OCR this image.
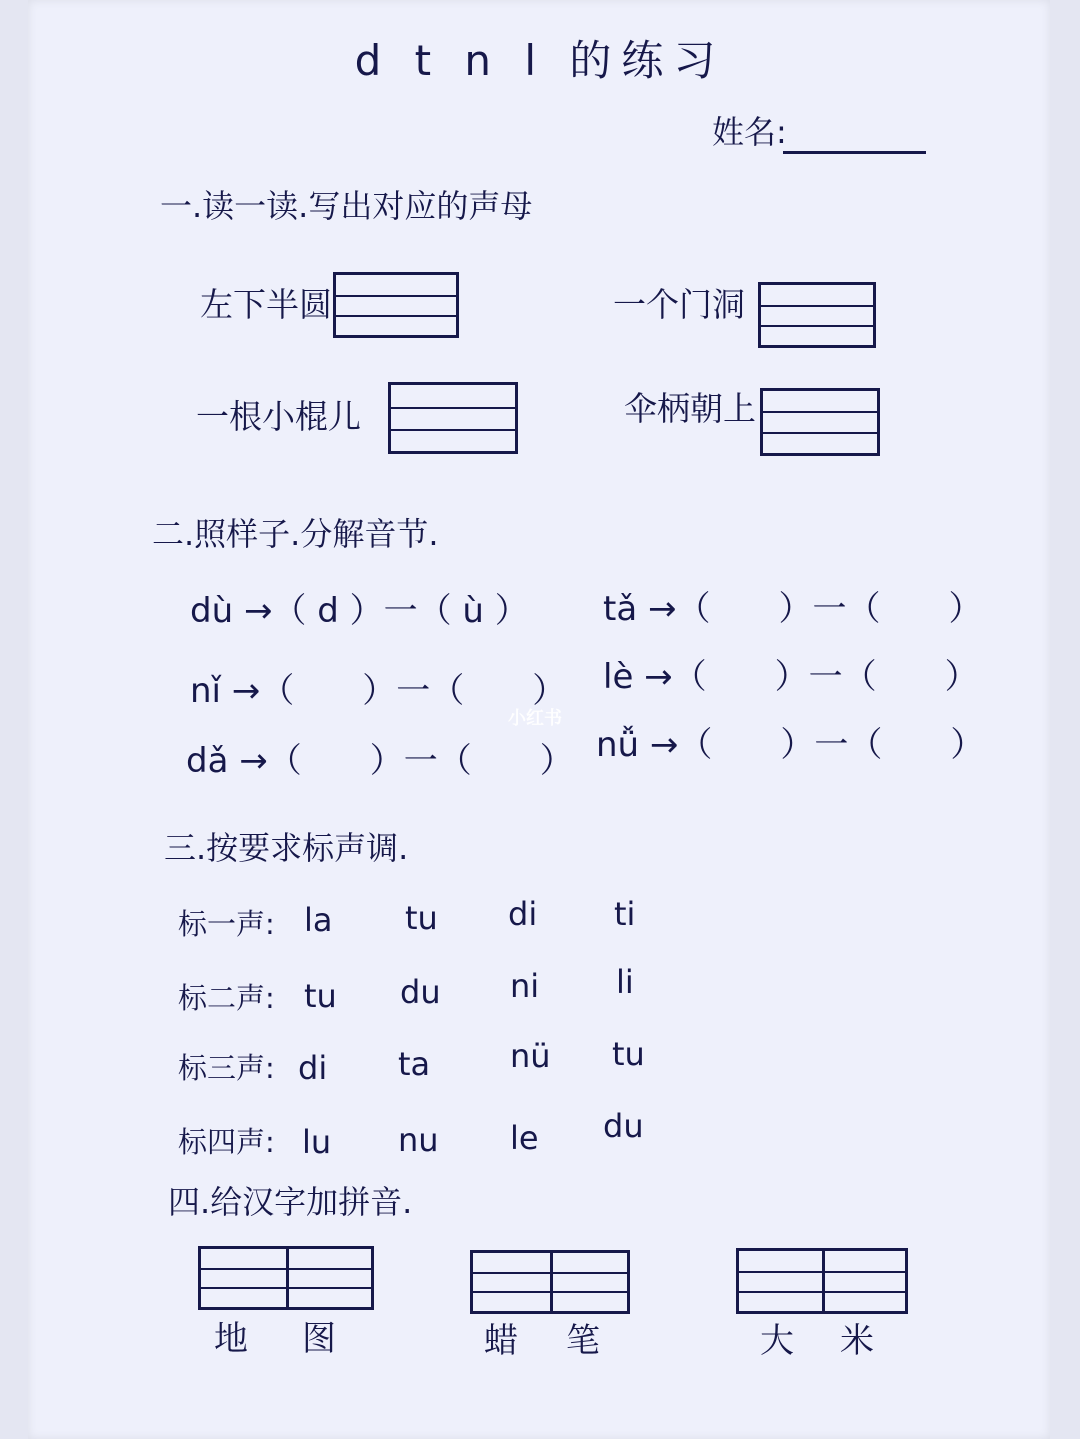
d t n l 的练习
姓名:
一.读一读.写出对应的声母
左下半圆	一个门洞
一根小棍儿	伞柄朝上
二.照样子.分解音节.
dù →（ d ）一（ ù ） tǎ →（　　）一（　　）
nǐ →（　　）一（　　） lè →（　　）一（　　）
dǎ →（　　）一（　　） nǚ →（　　）一（　　）
小红书
三.按要求标声调.
标一声: la tu di ti
标二声: tu du ni li
标三声: di ta nü tu
标四声: lu nu le du
四.给汉字加拼音.
地 图	蜡 笔	大 米
